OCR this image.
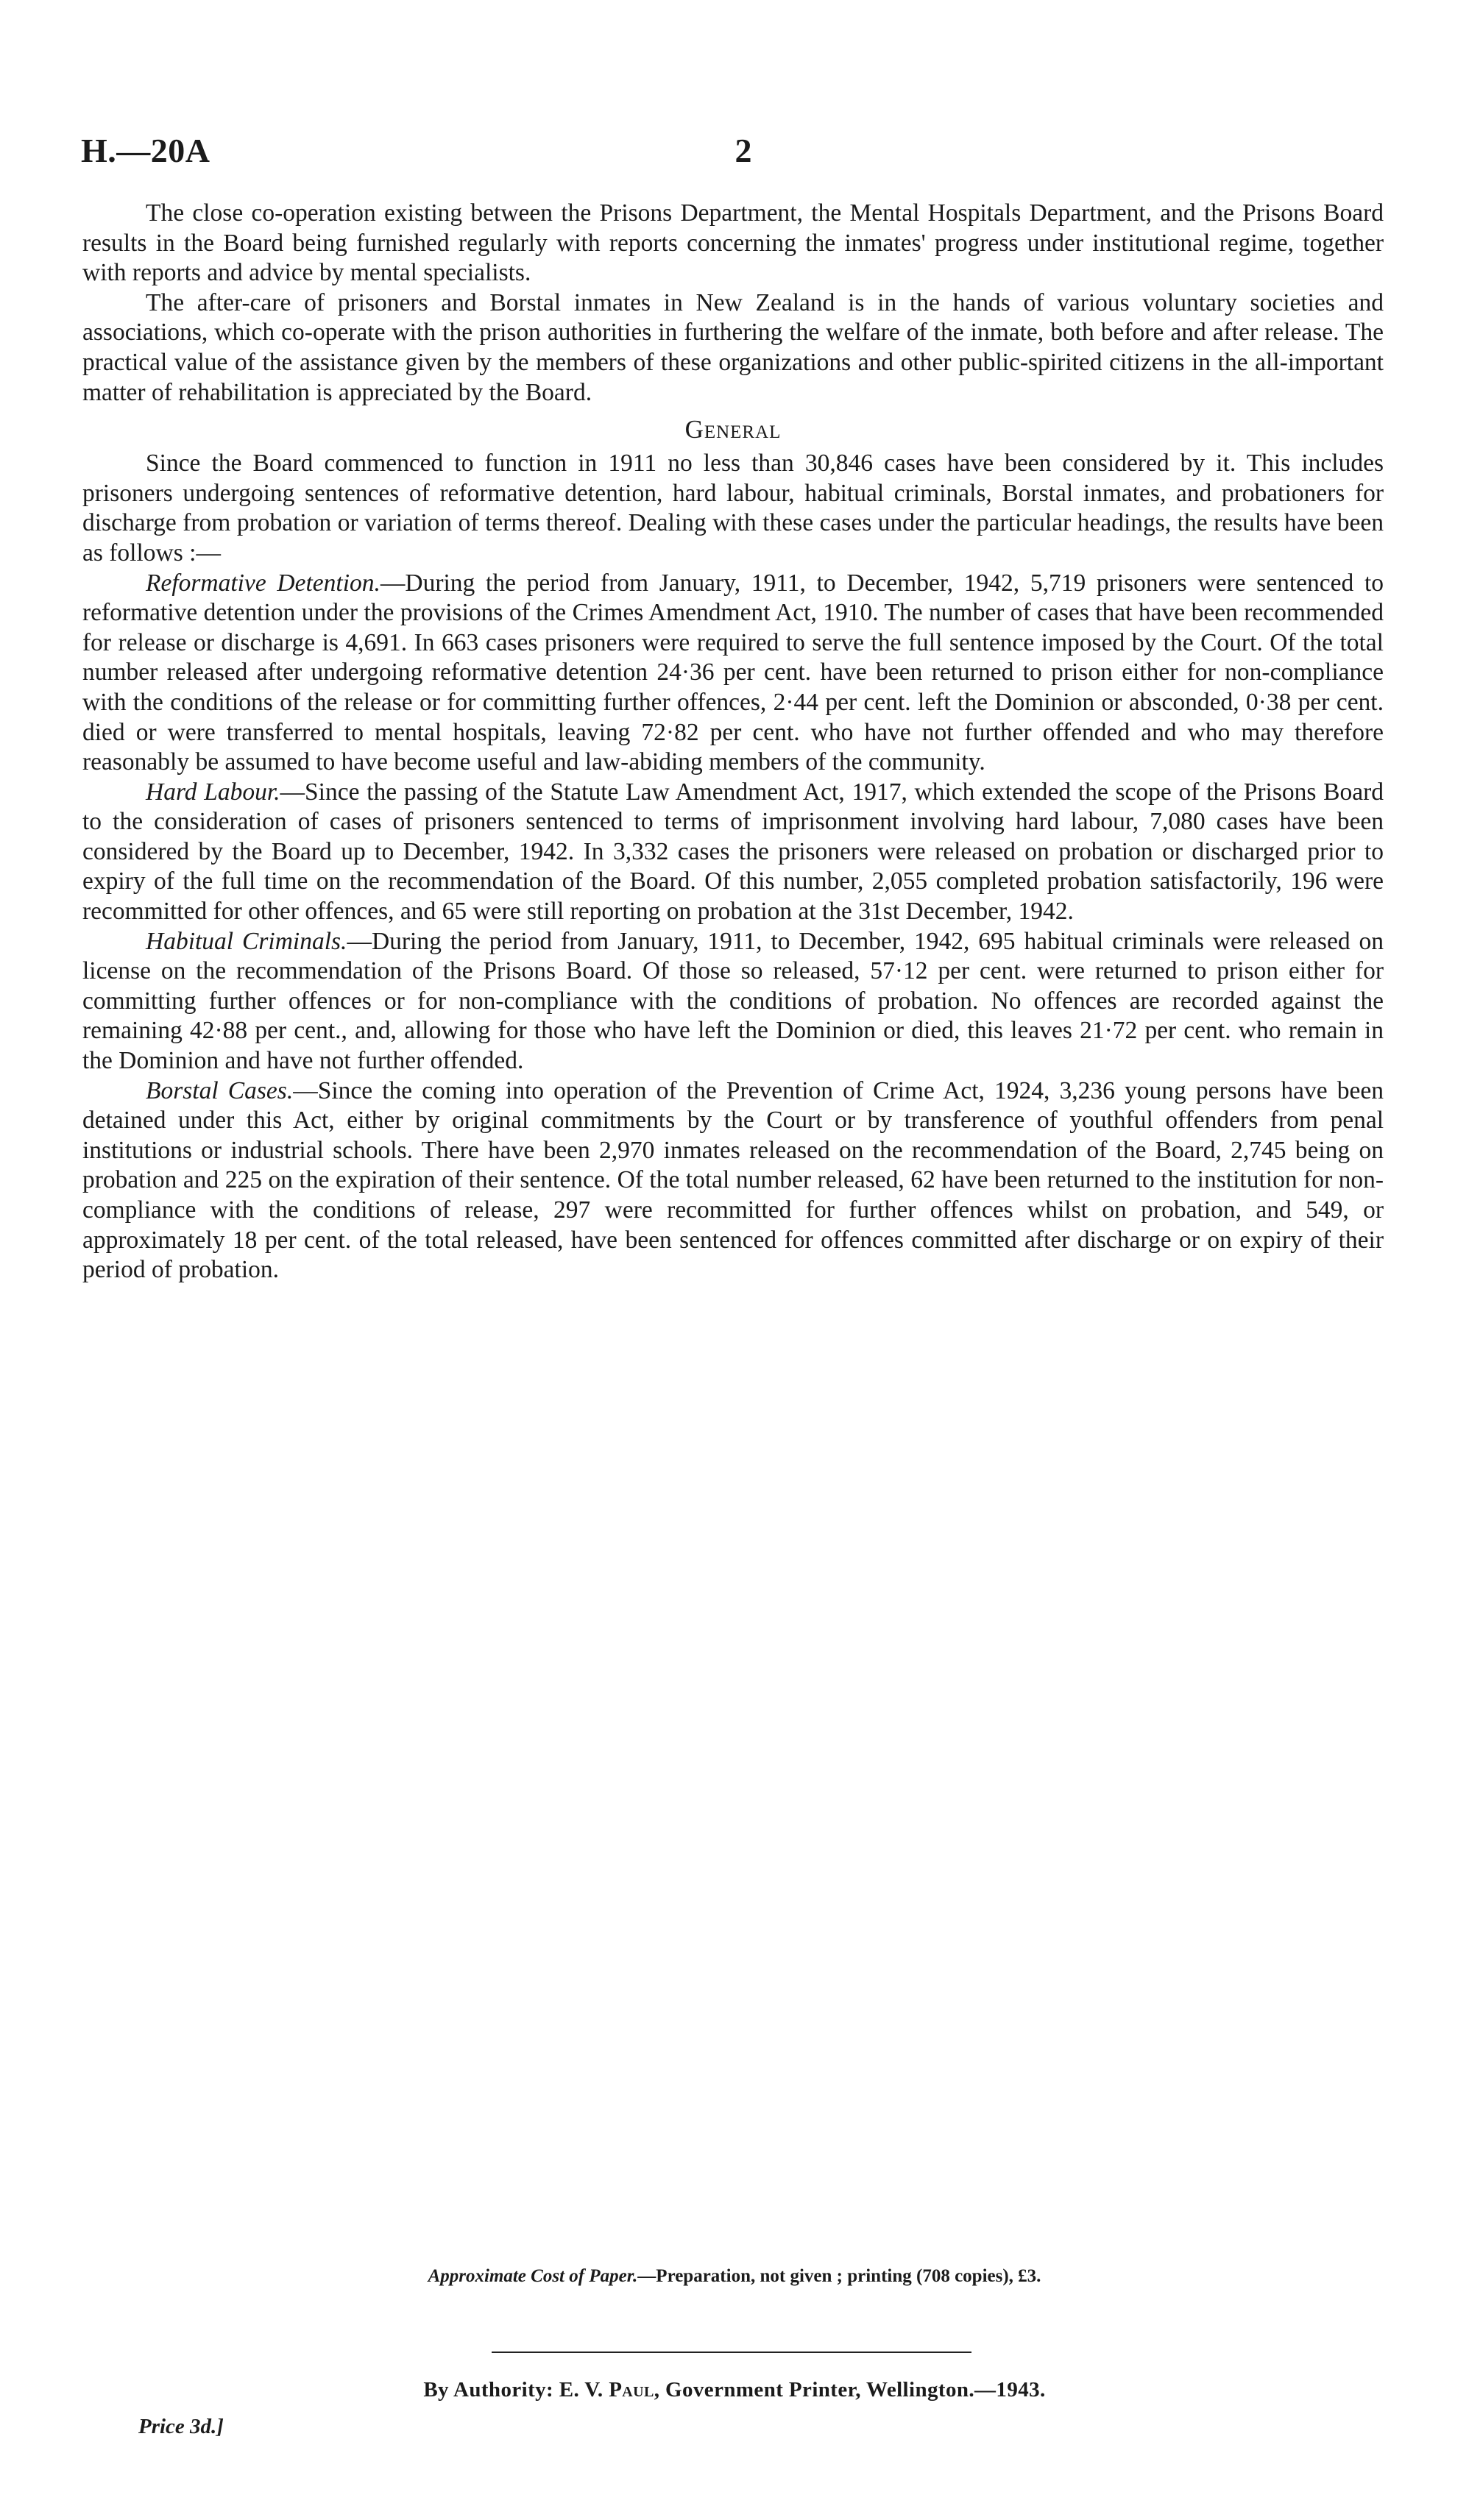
H.—20A	2

The close co-operation existing between the Prisons Department, the Mental Hospitals Department, and the Prisons Board results in the Board being furnished regularly with reports concerning the inmates' progress under institutional regime, together with reports and advice by mental specialists.

The after-care of prisoners and Borstal inmates in New Zealand is in the hands of various voluntary societies and associations, which co-operate with the prison authorities in furthering the welfare of the inmate, both before and after release. The practical value of the assistance given by the members of these organizations and other public-spirited citizens in the all-important matter of rehabilitation is appreciated by the Board.

General

Since the Board commenced to function in 1911 no less than 30,846 cases have been considered by it. This includes prisoners undergoing sentences of reformative detention, hard labour, habitual criminals, Borstal inmates, and probationers for discharge from probation or variation of terms thereof. Dealing with these cases under the particular headings, the results have been as follows :—

Reformative Detention.—During the period from January, 1911, to December, 1942, 5,719 prisoners were sentenced to reformative detention under the provisions of the Crimes Amendment Act, 1910. The number of cases that have been recommended for release or discharge is 4,691. In 663 cases prisoners were required to serve the full sentence imposed by the Court. Of the total number released after undergoing reformative detention 24·36 per cent. have been returned to prison either for non-compliance with the conditions of the release or for committing further offences, 2·44 per cent. left the Dominion or absconded, 0·38 per cent. died or were transferred to mental hospitals, leaving 72·82 per cent. who have not further offended and who may therefore reasonably be assumed to have become useful and law-abiding members of the community.

Hard Labour.—Since the passing of the Statute Law Amendment Act, 1917, which extended the scope of the Prisons Board to the consideration of cases of prisoners sentenced to terms of imprisonment involving hard labour, 7,080 cases have been considered by the Board up to December, 1942. In 3,332 cases the prisoners were released on probation or discharged prior to expiry of the full time on the recommendation of the Board. Of this number, 2,055 completed probation satisfactorily, 196 were recommitted for other offences, and 65 were still reporting on probation at the 31st December, 1942.

Habitual Criminals.—During the period from January, 1911, to December, 1942, 695 habitual criminals were released on license on the recommendation of the Prisons Board. Of those so released, 57·12 per cent. were returned to prison either for committing further offences or for non-compliance with the conditions of probation. No offences are recorded against the remaining 42·88 per cent., and, allowing for those who have left the Dominion or died, this leaves 21·72 per cent. who remain in the Dominion and have not further offended.

Borstal Cases.—Since the coming into operation of the Prevention of Crime Act, 1924, 3,236 young persons have been detained under this Act, either by original commitments by the Court or by transference of youthful offenders from penal institutions or industrial schools. There have been 2,970 inmates released on the recommendation of the Board, 2,745 being on probation and 225 on the expiration of their sentence. Of the total number released, 62 have been returned to the institution for non-compliance with the conditions of release, 297 were recommitted for further offences whilst on probation, and 549, or approximately 18 per cent. of the total released, have been sentenced for offences committed after discharge or on expiry of their period of probation.

Approximate Cost of Paper.—Preparation, not given ; printing (708 copies), £3.
By Authority: E. V. Paul, Government Printer, Wellington.—1943.
Price 3d.]
